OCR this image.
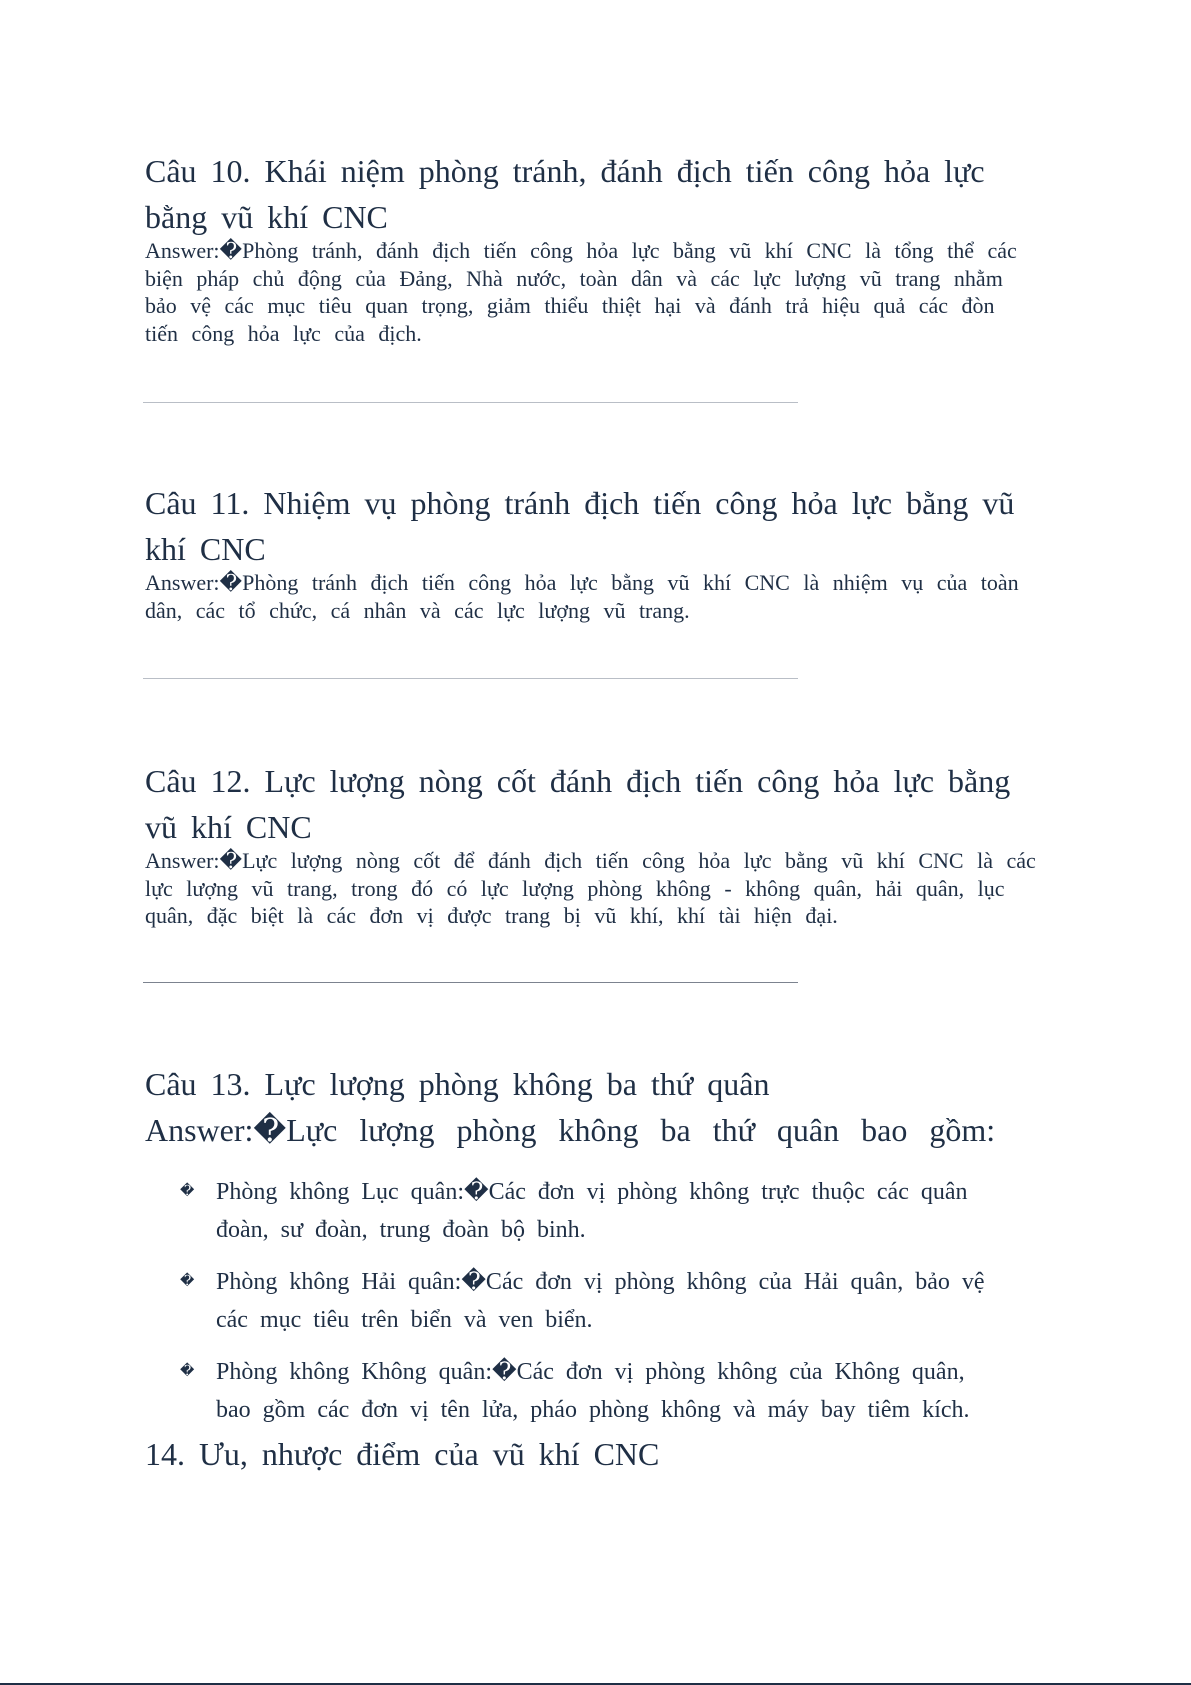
Câu 10. Khái niệm phòng tránh, đánh địch tiến công hỏa lực
bằng vũ khí CNC
Answer:�Phòng tránh, đánh địch tiến công hỏa lực bằng vũ khí CNC là tổng thể các
biện pháp chủ động của Đảng, Nhà nước, toàn dân và các lực lượng vũ trang nhằm
bảo vệ các mục tiêu quan trọng, giảm thiểu thiệt hại và đánh trả hiệu quả các đòn
tiến công hỏa lực của địch.
Câu 11. Nhiệm vụ phòng tránh địch tiến công hỏa lực bằng vũ
khí CNC
Answer:�Phòng tránh địch tiến công hỏa lực bằng vũ khí CNC là nhiệm vụ của toàn
dân, các tổ chức, cá nhân và các lực lượng vũ trang.
Câu 12. Lực lượng nòng cốt đánh địch tiến công hỏa lực bằng
vũ khí CNC
Answer:�Lực lượng nòng cốt để đánh địch tiến công hỏa lực bằng vũ khí CNC là các
lực lượng vũ trang, trong đó có lực lượng phòng không - không quân, hải quân, lục
quân, đặc biệt là các đơn vị được trang bị vũ khí, khí tài hiện đại.
Câu 13. Lực lượng phòng không ba thứ quân

Answer:�Lực lượng phòng không ba thứ quân bao gồm:

� Phòng không Lục quân:�Các đơn vị phòng không trực thuộc các quân
đoàn, sư đoàn, trung đoàn bộ binh.
� Phòng không Hải quân:�Các đơn vị phòng không của Hải quân, bảo vệ
các mục tiêu trên biển và ven biển.
� Phòng không Không quân:�Các đơn vị phòng không của Không quân,
bao gồm các đơn vị tên lửa, pháo phòng không và máy bay tiêm kích.
14. Ưu, nhược điểm của vũ khí CNC
